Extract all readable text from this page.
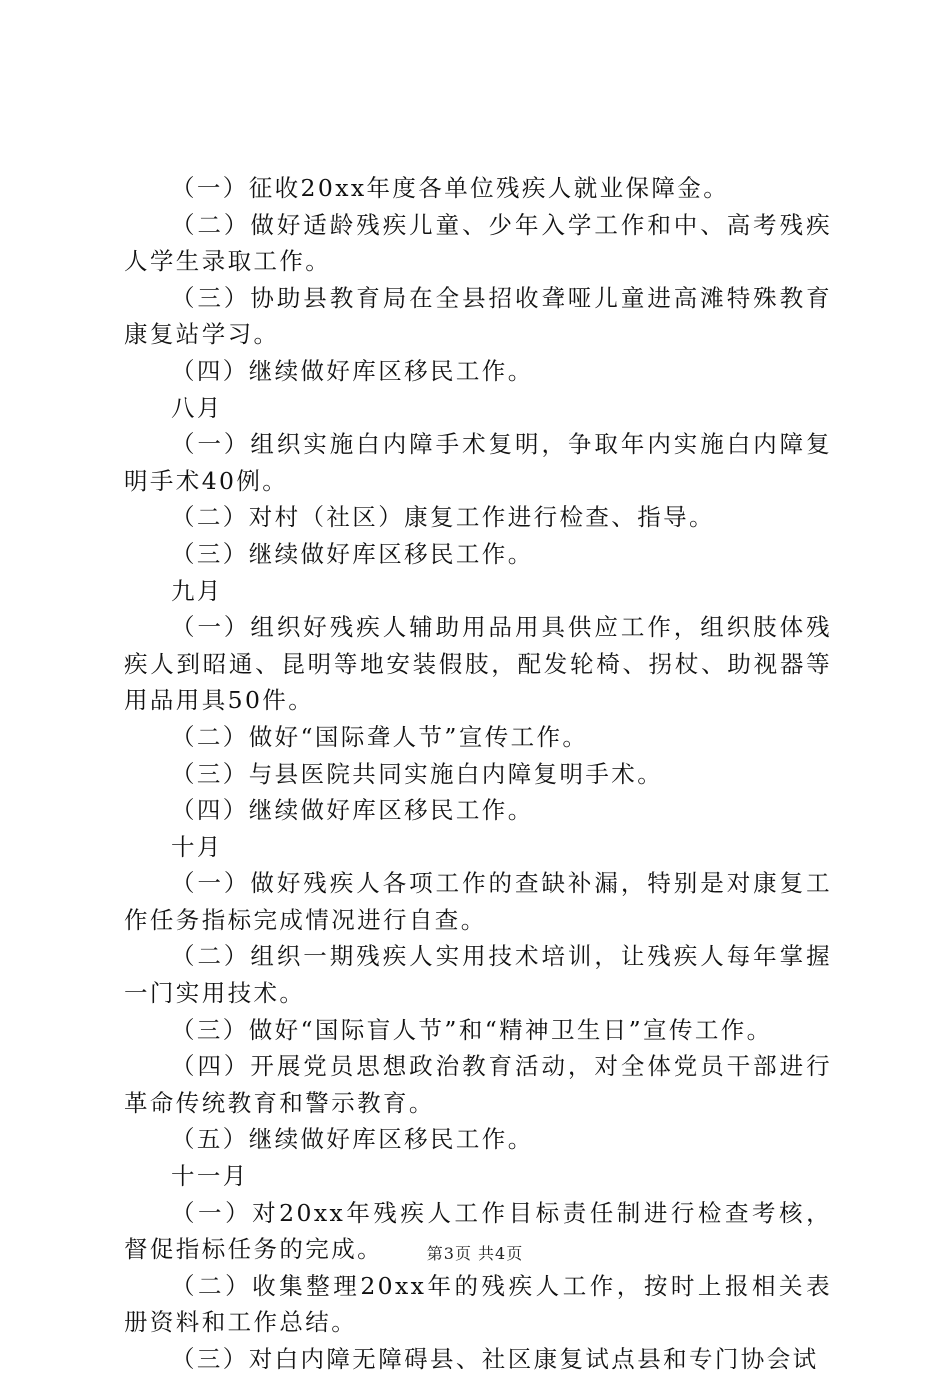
（一）征收20xx年度各单位残疾人就业保障金。

（二）做好适龄残疾儿童、少年入学工作和中、高考残疾人学生录取工作。

（三）协助县教育局在全县招收聋哑儿童进高滩特殊教育康复站学习。

（四）继续做好库区移民工作。

八月

（一）组织实施白内障手术复明，争取年内实施白内障复明手术40例。

（二）对村（社区）康复工作进行检查、指导。

（三）继续做好库区移民工作。

九月

（一）组织好残疾人辅助用品用具供应工作，组织肢体残疾人到昭通、昆明等地安装假肢，配发轮椅、拐杖、助视器等用品用具50件。

（二）做好“国际聋人节”宣传工作。

（三）与县医院共同实施白内障复明手术。

（四）继续做好库区移民工作。

十月

（一）做好残疾人各项工作的查缺补漏，特别是对康复工作任务指标完成情况进行自查。

（二）组织一期残疾人实用技术培训，让残疾人每年掌握一门实用技术。

（三）做好“国际盲人节”和“精神卫生日”宣传工作。

（四）开展党员思想政治教育活动，对全体党员干部进行革命传统教育和警示教育。

（五）继续做好库区移民工作。

十一月

（一）对20xx年残疾人工作目标责任制进行检查考核，督促指标任务的完成。

（二）收集整理20xx年的残疾人工作，按时上报相关表册资料和工作总结。

（三）对白内障无障碍县、社区康复试点县和专门协会试

第3页 共4页
